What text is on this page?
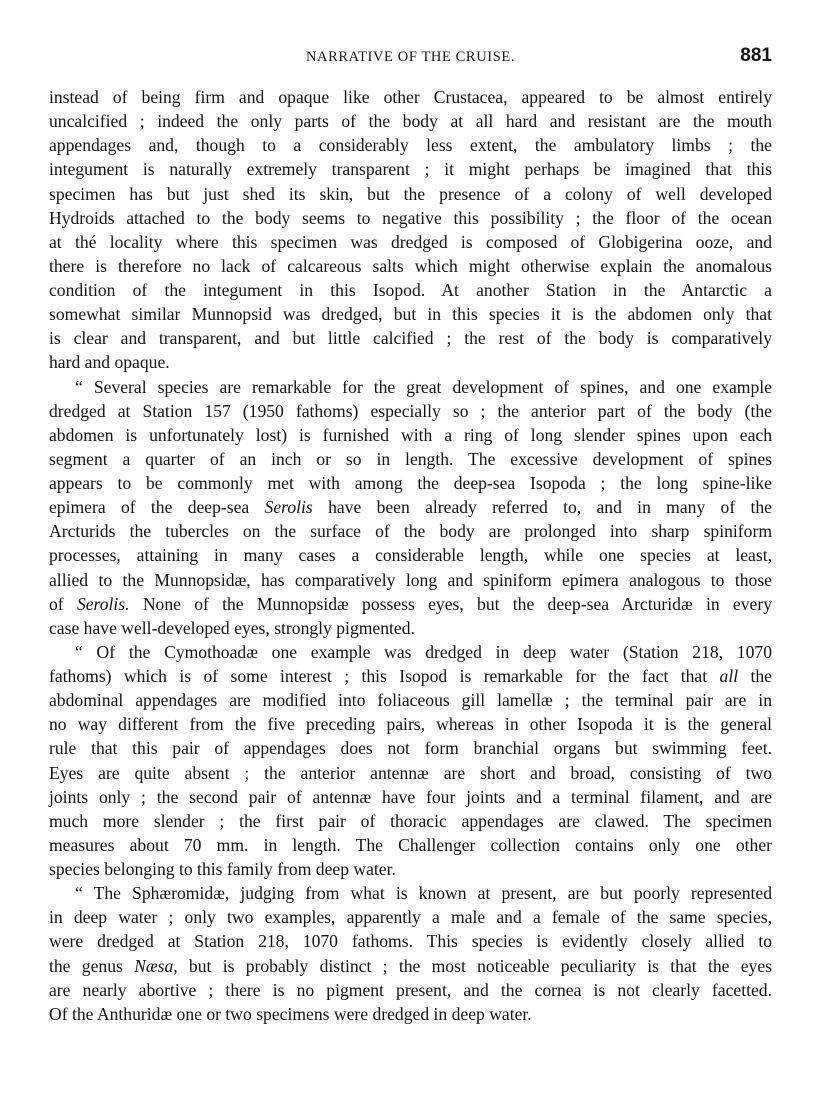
NARRATIVE OF THE CRUISE.	881
instead of being firm and opaque like other Crustacea, appeared to be almost entirely
uncalcified ; indeed the only parts of the body at all hard and resistant are the mouth
appendages and, though to a considerably less extent, the ambulatory limbs ; the
integument is naturally extremely transparent ; it might perhaps be imagined that this
specimen has but just shed its skin, but the presence of a colony of well developed
Hydroids attached to the body seems to negative this possibility ; the floor of the ocean
at thé locality where this specimen was dredged is composed of Globigerina ooze, and
there is therefore no lack of calcareous salts which might otherwise explain the anomalous
condition of the integument in this Isopod. At another Station in the Antarctic a
somewhat similar Munnopsid was dredged, but in this species it is the abdomen only that
is clear and transparent, and but little calcified ; the rest of the body is comparatively
hard and opaque.
“ Several species are remarkable for the great development of spines, and one example
dredged at Station 157 (1950 fathoms) especially so ; the anterior part of the body (the
abdomen is unfortunately lost) is furnished with a ring of long slender spines upon each
segment a quarter of an inch or so in length. The excessive development of spines
appears to be commonly met with among the deep-sea Isopoda ; the long spine-like
epimera of the deep-sea Serolis have been already referred to, and in many of the
Arcturids the tubercles on the surface of the body are prolonged into sharp spiniform
processes, attaining in many cases a considerable length, while one species at least,
allied to the Munnopsidæ, has comparatively long and spiniform epimera analogous to those
of Serolis. None of the Munnopsidæ possess eyes, but the deep-sea Arcturidæ in every
case have well-developed eyes, strongly pigmented.
“ Of the Cymothoadæ one example was dredged in deep water (Station 218, 1070
fathoms) which is of some interest ; this Isopod is remarkable for the fact that all the
abdominal appendages are modified into foliaceous gill lamellæ ; the terminal pair are in
no way different from the five preceding pairs, whereas in other Isopoda it is the general
rule that this pair of appendages does not form branchial organs but swimming feet.
Eyes are quite absent ; the anterior antennæ are short and broad, consisting of two
joints only ; the second pair of antennæ have four joints and a terminal filament, and are
much more slender ; the first pair of thoracic appendages are clawed. The specimen
measures about 70 mm. in length. The Challenger collection contains only one other
species belonging to this family from deep water.
“ The Sphæromidæ, judging from what is known at present, are but poorly represented
in deep water ; only two examples, apparently a male and a female of the same species,
were dredged at Station 218, 1070 fathoms. This species is evidently closely allied to
the genus Næsa, but is probably distinct ; the most noticeable peculiarity is that the eyes
are nearly abortive ; there is no pigment present, and the cornea is not clearly facetted.
Of the Anthuridæ one or two specimens were dredged in deep water.
